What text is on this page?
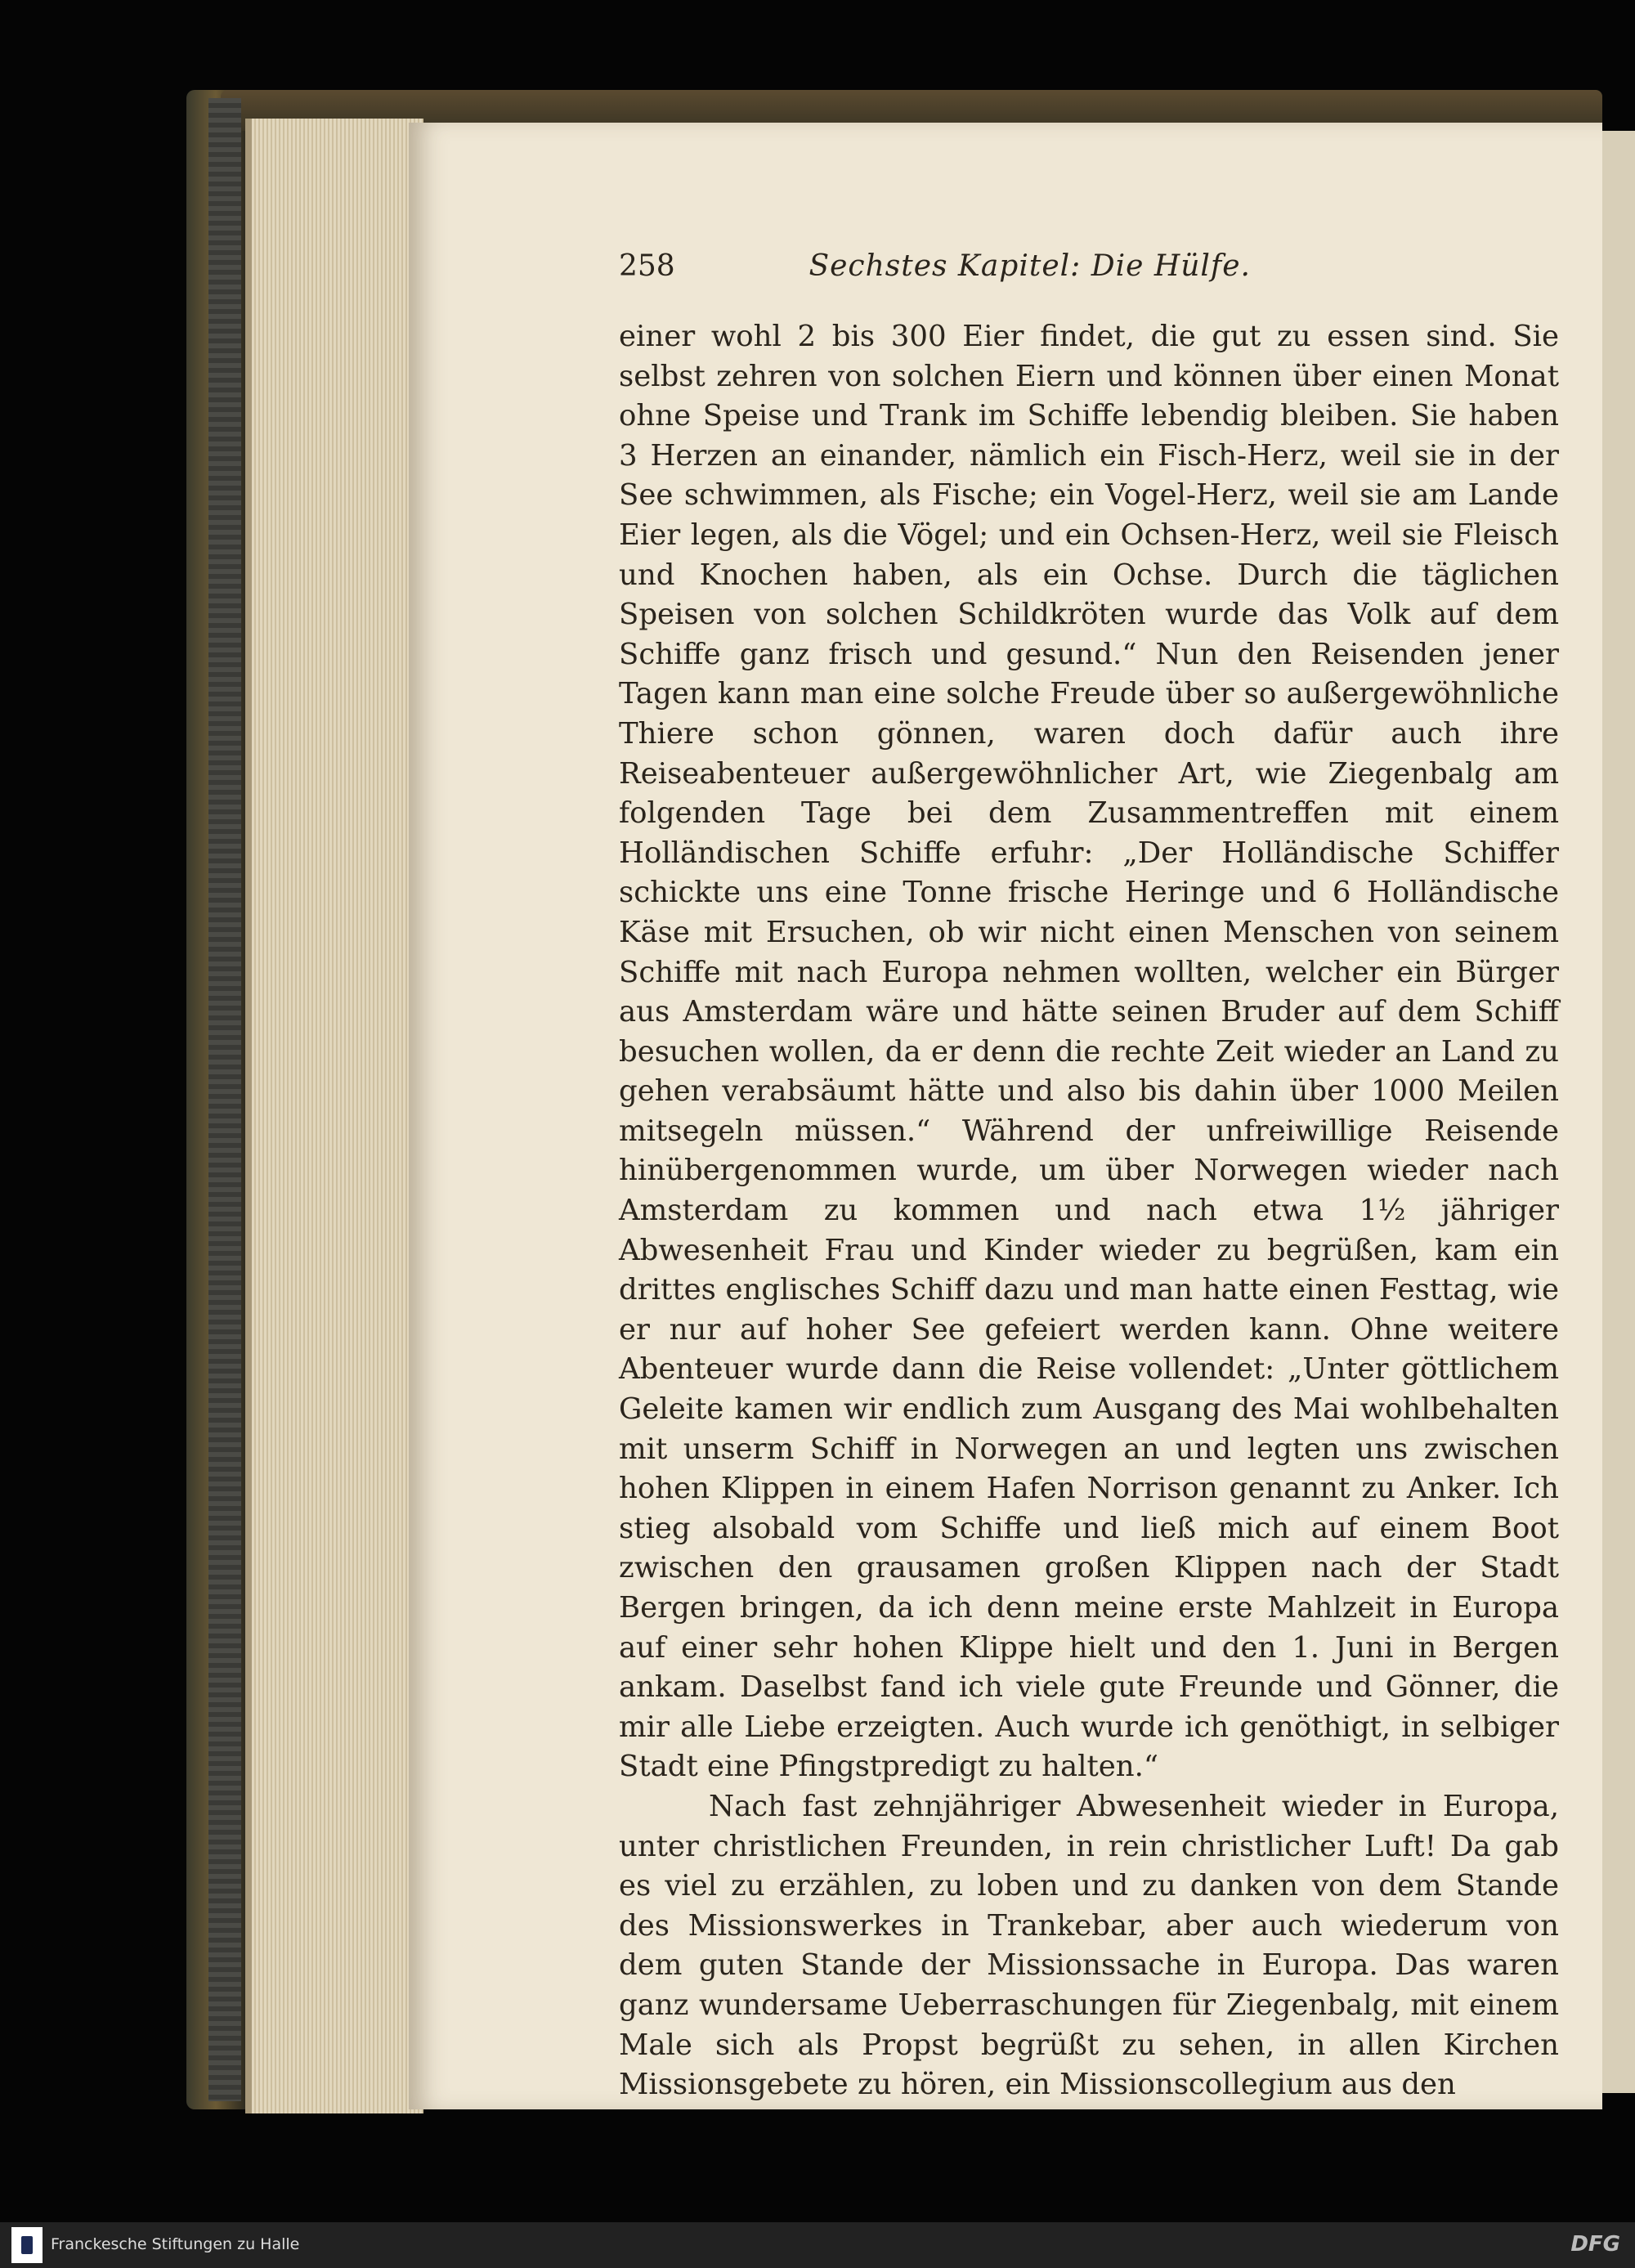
258	Sechstes Kapitel: Die Hülfe.

einer wohl 2 bis 300 Eier findet, die gut zu essen sind. Sie selbst zehren von solchen Eiern und können über einen Monat ohne Speise und Trank im Schiffe lebendig bleiben. Sie haben 3 Herzen an einander, nämlich ein Fisch-Herz, weil sie in der See schwimmen, als Fische; ein Vogel-Herz, weil sie am Lande Eier legen, als die Vögel; und ein Ochsen-Herz, weil sie Fleisch und Knochen haben, als ein Ochse. Durch die täglichen Speisen von solchen Schildkröten wurde das Volk auf dem Schiffe ganz frisch und gesund.“ Nun den Reisenden jener Tagen kann man eine solche Freude über so außergewöhnliche Thiere schon gönnen, waren doch dafür auch ihre Reiseabenteuer außergewöhnlicher Art, wie Ziegenbalg am folgenden Tage bei dem Zusammentreffen mit einem Holländischen Schiffe erfuhr: „Der Holländische Schiffer schickte uns eine Tonne frische Heringe und 6 Holländische Käse mit Ersuchen, ob wir nicht einen Menschen von seinem Schiffe mit nach Europa nehmen wollten, welcher ein Bürger aus Amsterdam wäre und hätte seinen Bruder auf dem Schiff besuchen wollen, da er denn die rechte Zeit wieder an Land zu gehen verabsäumt hätte und also bis dahin über 1000 Meilen mitsegeln müssen.“ Während der unfreiwillige Reisende hinübergenommen wurde, um über Norwegen wieder nach Amsterdam zu kommen und nach etwa 1½ jähriger Abwesenheit Frau und Kinder wieder zu begrüßen, kam ein drittes englisches Schiff dazu und man hatte einen Festtag, wie er nur auf hoher See gefeiert werden kann. Ohne weitere Abenteuer wurde dann die Reise vollendet: „Unter göttlichem Geleite kamen wir endlich zum Ausgang des Mai wohlbehalten mit unserm Schiff in Norwegen an und legten uns zwischen hohen Klippen in einem Hafen Norrison genannt zu Anker. Ich stieg alsobald vom Schiffe und ließ mich auf einem Boot zwischen den grausamen großen Klippen nach der Stadt Bergen bringen, da ich denn meine erste Mahlzeit in Europa auf einer sehr hohen Klippe hielt und den 1. Juni in Bergen ankam. Daselbst fand ich viele gute Freunde und Gönner, die mir alle Liebe erzeigten. Auch wurde ich genöthigt, in selbiger Stadt eine Pfingstpredigt zu halten.“

Nach fast zehnjähriger Abwesenheit wieder in Europa, unter christlichen Freunden, in rein christlicher Luft! Da gab es viel zu erzählen, zu loben und zu danken von dem Stande des Missionswerkes in Trankebar, aber auch wiederum von dem guten Stande der Missionssache in Europa. Das waren ganz wundersame Ueberraschungen für Ziegenbalg, mit einem Male sich als Propst begrüßt zu sehen, in allen Kirchen Missionsgebete zu hören, ein Missionscollegium aus den

Franckesche Stiftungen zu Halle	DFG
